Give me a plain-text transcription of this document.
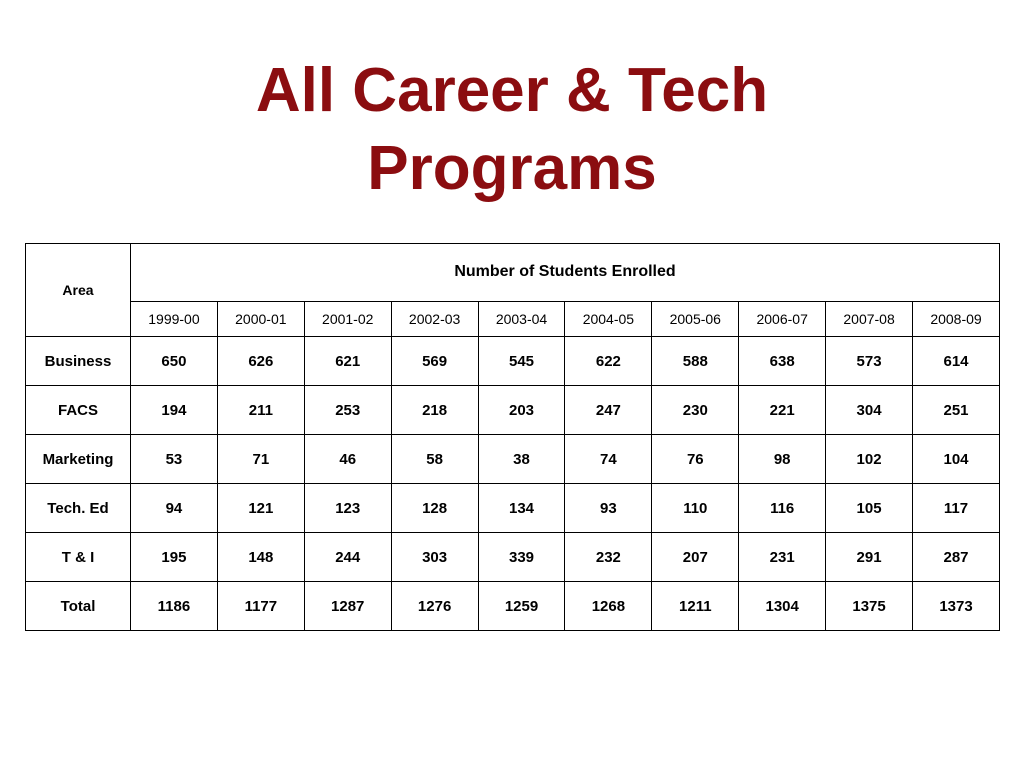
All Career & Tech
Programs
Area	Number of Students Enrolled									
	1999-00	2000-01	2001-02	2002-03	2003-04	2004-05	2005-06	2006-07	2007-08	2008-09
Business	650	626	621	569	545	622	588	638	573	614
FACS	194	211	253	218	203	247	230	221	304	251
Marketing	53	71	46	58	38	74	76	98	102	104
Tech. Ed	94	121	123	128	134	93	110	116	105	117
T & I	195	148	244	303	339	232	207	231	291	287
Total	1186	1177	1287	1276	1259	1268	1211	1304	1375	1373
